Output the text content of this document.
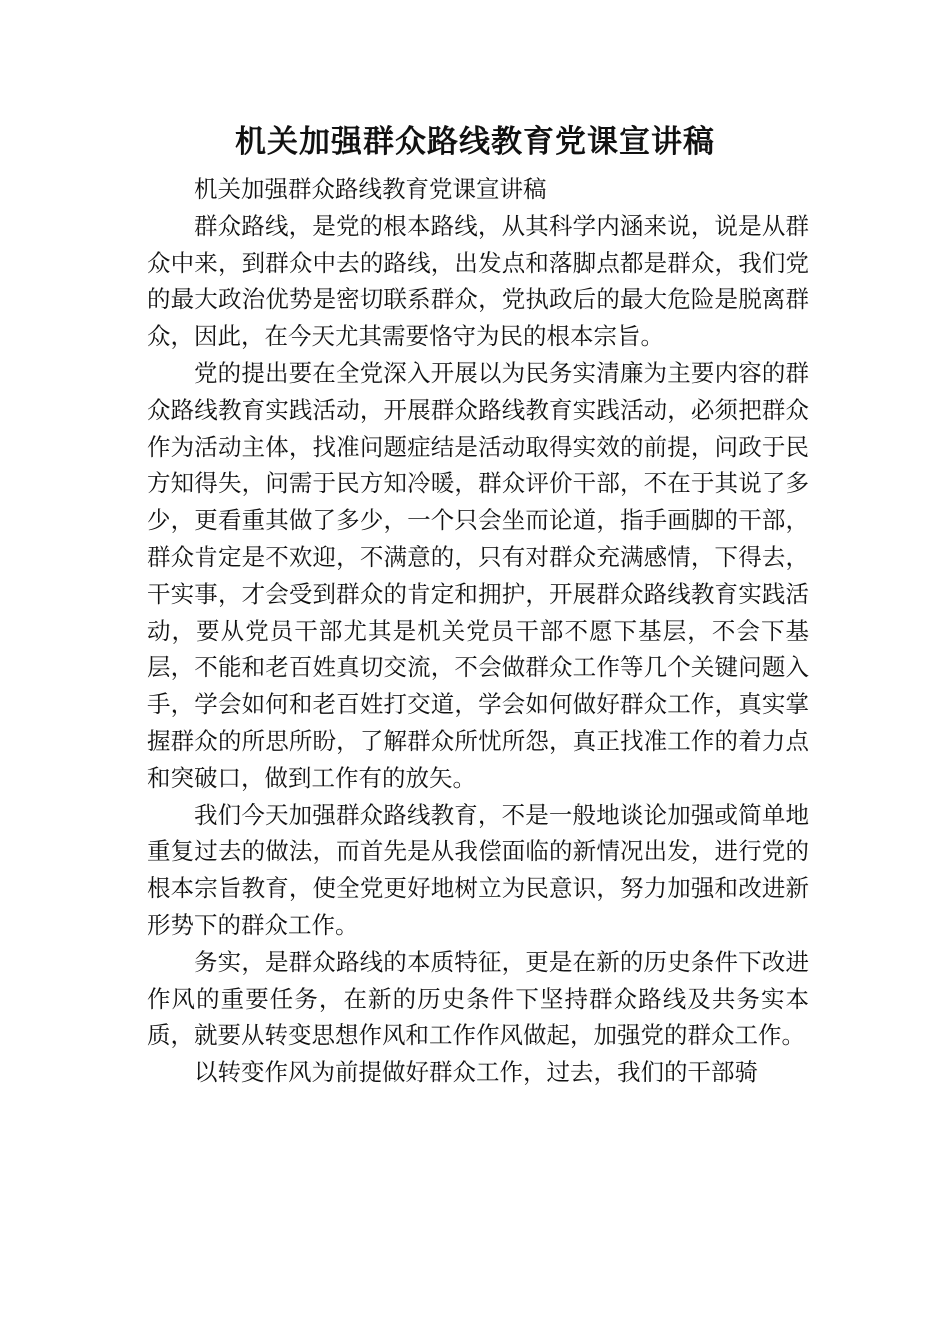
机关加强群众路线教育党课宣讲稿

机关加强群众路线教育党课宣讲稿

群众路线，是党的根本路线，从其科学内涵来说，说是从群众中来，到群众中去的路线，出发点和落脚点都是群众，我们党的最大政治优势是密切联系群众，党执政后的最大危险是脱离群众，因此，在今天尤其需要恪守为民的根本宗旨。

党的提出要在全党深入开展以为民务实清廉为主要内容的群众路线教育实践活动，开展群众路线教育实践活动，必须把群众作为活动主体，找准问题症结是活动取得实效的前提，问政于民方知得失，问需于民方知冷暖，群众评价干部，不在于其说了多少，更看重其做了多少，一个只会坐而论道，指手画脚的干部，群众肯定是不欢迎，不满意的，只有对群众充满感情，下得去，干实事，才会受到群众的肯定和拥护，开展群众路线教育实践活动，要从党员干部尤其是机关党员干部不愿下基层，不会下基层，不能和老百姓真切交流，不会做群众工作等几个关键问题入手，学会如何和老百姓打交道，学会如何做好群众工作，真实掌握群众的所思所盼，了解群众所忧所怨，真正找准工作的着力点和突破口，做到工作有的放矢。

我们今天加强群众路线教育，不是一般地谈论加强或简单地重复过去的做法，而首先是从我偿面临的新情况出发，进行党的根本宗旨教育，使全党更好地树立为民意识，努力加强和改进新形势下的群众工作。

务实，是群众路线的本质特征，更是在新的历史条件下改进作风的重要任务，在新的历史条件下坚持群众路线及共务实本质，就要从转变思想作风和工作作风做起，加强党的群众工作。

以转变作风为前提做好群众工作，过去，我们的干部骑
